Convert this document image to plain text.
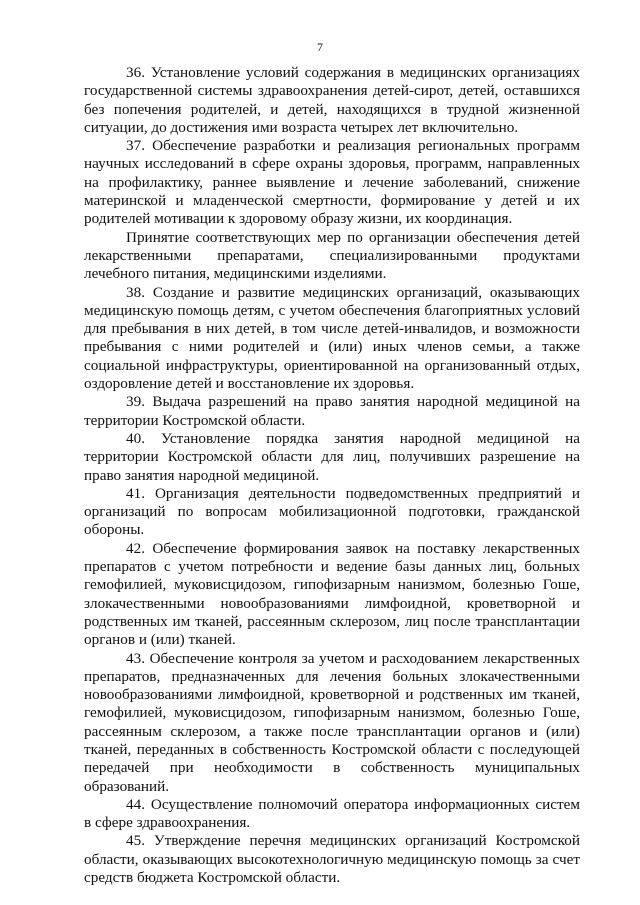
7

36. Установление условий содержания в медицинских организациях государственной системы здравоохранения детей-сирот, детей, оставшихся без попечения родителей, и детей, находящихся в трудной жизненной ситуации, до достижения ими возраста четырех лет включительно.

37. Обеспечение разработки и реализация региональных программ научных исследований в сфере охраны здоровья, программ, направленных на профилактику, раннее выявление и лечение заболеваний, снижение материнской и младенческой смертности, формирование у детей и их родителей мотивации к здоровому образу жизни, их координация.

Принятие соответствующих мер по организации обеспечения детей лекарственными препаратами, специализированными продуктами лечебного питания, медицинскими изделиями.

38. Создание и развитие медицинских организаций, оказывающих медицинскую помощь детям, с учетом обеспечения благоприятных условий для пребывания в них детей, в том числе детей-инвалидов, и возможности пребывания с ними родителей и (или) иных членов семьи, а также социальной инфраструктуры, ориентированной на организованный отдых, оздоровление детей и восстановление их здоровья.

39. Выдача разрешений на право занятия народной медициной на территории Костромской области.

40. Установление порядка занятия народной медициной на территории Костромской области для лиц, получивших разрешение на право занятия народной медициной.

41. Организация деятельности подведомственных предприятий и организаций по вопросам мобилизационной подготовки, гражданской обороны.

42. Обеспечение формирования заявок на поставку лекарственных препаратов с учетом потребности и ведение базы данных лиц, больных гемофилией, муковисцидозом, гипофизарным нанизмом, болезнью Гоше, злокачественными новообразованиями лимфоидной, кроветворной и родственных им тканей, рассеянным склерозом, лиц после трансплантации органов и (или) тканей.

43. Обеспечение контроля за учетом и расходованием лекарственных препаратов, предназначенных для лечения больных злокачественными новообразованиями лимфоидной, кроветворной и родственных им тканей, гемофилией, муковисцидозом, гипофизарным нанизмом, болезнью Гоше, рассеянным склерозом, а также после трансплантации органов и (или) тканей, переданных в собственность Костромской области с последующей передачей при необходимости в собственность муниципальных образований.

44. Осуществление полномочий оператора информационных систем в сфере здравоохранения.

45. Утверждение перечня медицинских организаций Костромской области, оказывающих высокотехнологичную медицинскую помощь за счет средств бюджета Костромской области.
